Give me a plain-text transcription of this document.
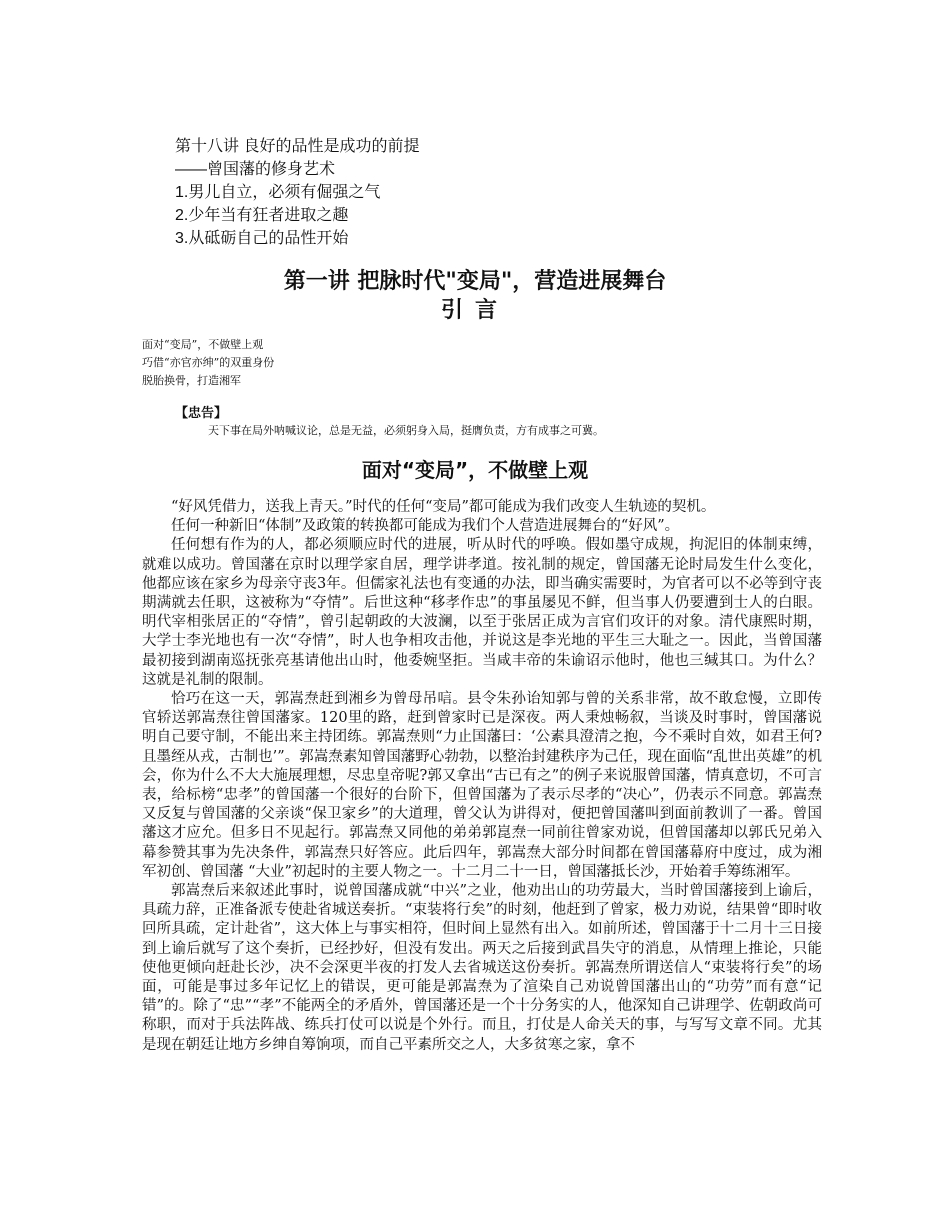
第十八讲 良好的品性是成功的前提
——曾国藩的修身艺术
1.男儿自立，必须有倔强之气
2.少年当有狂者进取之趣
3.从砥砺自己的品性开始
第一讲 把脉时代"变局"，营造进展舞台
引言
面对“变局”，不做壁上观
巧借“亦官亦绅”的双重身份
脱胎换骨，打造湘军
【忠告】
天下事在局外呐喊议论，总是无益，必须躬身入局，挺膺负责，方有成事之可冀。
面对“变局”，不做壁上观

“好风凭借力，送我上青天。”时代的任何“变局”都可能成为我们改变人生轨迹的契机。

任何一种新旧“体制”及政策的转换都可能成为我们个人营造进展舞台的“好风”。

任何想有作为的人，都必须顺应时代的进展，听从时代的呼唤。假如墨守成规，拘泥旧的体制束缚，就难以成功。曾国藩在京时以理学家自居，理学讲孝道。按礼制的规定，曾国藩无论时局发生什么变化，他都应该在家乡为母亲守丧3年。但儒家礼法也有变通的办法，即当确实需要时，为官者可以不必等到守丧期满就去任职，这被称为“夺情”。后世这种“移孝作忠”的事虽屡见不鲜，但当事人仍要遭到士人的白眼。明代宰相张居正的“夺情”，曾引起朝政的大波澜，以至于张居正成为言官们攻讦的对象。清代康熙时期，大学士李光地也有一次“夺情”，时人也争相攻击他，并说这是李光地的平生三大耻之一。因此，当曾国藩最初接到湖南巡抚张亮基请他出山时，他委婉坚拒。当咸丰帝的朱谕诏示他时，他也三缄其口。为什么？这就是礼制的限制。

恰巧在这一天，郭嵩焘赶到湘乡为曾母吊唁。县令朱孙诒知郭与曾的关系非常，故不敢怠慢，立即传官轿送郭嵩焘往曾国藩家。120里的路，赶到曾家时已是深夜。两人秉烛畅叙，当谈及时事时，曾国藩说明自己要守制，不能出来主持团练。郭嵩焘则“力止国藩曰：‘公素具澄清之抱，今不乘时自效，如君王何?且墨绖从戎，古制也’”。郭嵩焘素知曾国藩野心勃勃，以整治封建秩序为己任，现在面临“乱世出英雄”的机会，你为什么不大大施展理想，尽忠皇帝呢?郭又拿出“古已有之”的例子来说服曾国藩，情真意切，不可言表，给标榜“忠孝”的曾国藩一个很好的台阶下，但曾国藩为了表示尽孝的“决心”，仍表示不同意。郭嵩焘又反复与曾国藩的父亲谈“保卫家乡”的大道理，曾父认为讲得对，便把曾国藩叫到面前教训了一番。曾国藩这才应允。但多日不见起行。郭嵩焘又同他的弟弟郭崑焘一同前往曾家劝说，但曾国藩却以郭氏兄弟入幕参赞其事为先决条件，郭嵩焘只好答应。此后四年，郭嵩焘大部分时间都在曾国藩幕府中度过，成为湘军初创、曾国藩 “大业”初起时的主要人物之一。十二月二十一日，曾国藩抵长沙，开始着手筹练湘军。

郭嵩焘后来叙述此事时，说曾国藩成就“中兴”之业，他劝出山的功劳最大，当时曾国藩接到上谕后，具疏力辞，正准备派专使赴省城送奏折。“束装将行矣”的时刻，他赶到了曾家，极力劝说，结果曾“即时收回所具疏，定计赴省”，这大体上与事实相符，但时间上显然有出入。如前所述，曾国藩于十二月十三日接到上谕后就写了这个奏折，已经抄好，但没有发出。两天之后接到武昌失守的消息，从情理上推论，只能使他更倾向赶赴长沙，决不会深更半夜的打发人去省城送这份奏折。郭嵩焘所谓送信人“束装将行矣”的场面，可能是事过多年记忆上的错误，更可能是郭嵩焘为了渲染自己劝说曾国藩出山的“功劳”而有意“记错”的。除了“忠”“孝”不能两全的矛盾外，曾国藩还是一个十分务实的人，他深知自己讲理学、佐朝政尚可称职，而对于兵法阵战、练兵打仗可以说是个外行。而且，打仗是人命关天的事，与写写文章不同。尤其是现在朝廷让地方乡绅自筹饷项，而自己平素所交之人，大多贫寒之家，拿不
